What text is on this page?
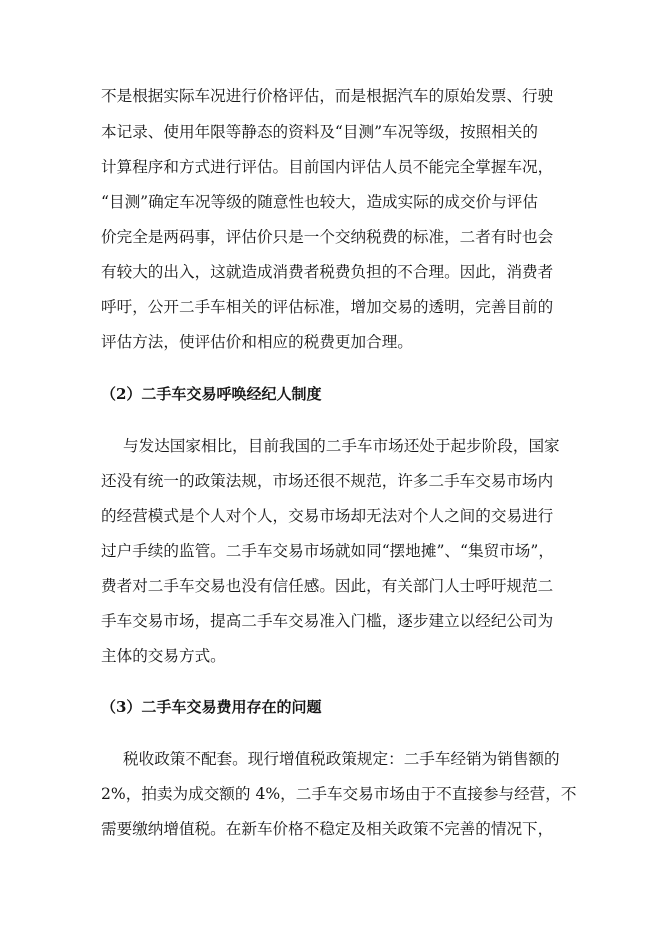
不是根据实际车况进行价格评估，而是根据汽车的原始发票、行驶

本记录、使用年限等静态的资料及“目测”车况等级，按照相关的

计算程序和方式进行评估。目前国内评估人员不能完全掌握车况，

“目测”确定车况等级的随意性也较大，造成实际的成交价与评估

价完全是两码事，评估价只是一个交纳税费的标准，二者有时也会

有较大的出入，这就造成消费者税费负担的不合理。因此，消费者

呼吁，公开二手车相关的评估标准，增加交易的透明，完善目前的

评估方法，使评估价和相应的税费更加合理。

（2）二手车交易呼唤经纪人制度

与发达国家相比，目前我国的二手车市场还处于起步阶段，国家

还没有统一的政策法规，市场还很不规范，许多二手车交易市场内

的经营模式是个人对个人，交易市场却无法对个人之间的交易进行

过户手续的监管。二手车交易市场就如同“摆地摊”、“集贸市场”，

费者对二手车交易也没有信任感。因此，有关部门人士呼吁规范二

手车交易市场，提高二手车交易准入门槛，逐步建立以经纪公司为

主体的交易方式。

（3）二手车交易费用存在的问题

税收政策不配套。现行增值税政策规定：二手车经销为销售额的

2%，拍卖为成交额的 4%，二手车交易市场由于不直接参与经营，不

需要缴纳增值税。在新车价格不稳定及相关政策不完善的情况下，
